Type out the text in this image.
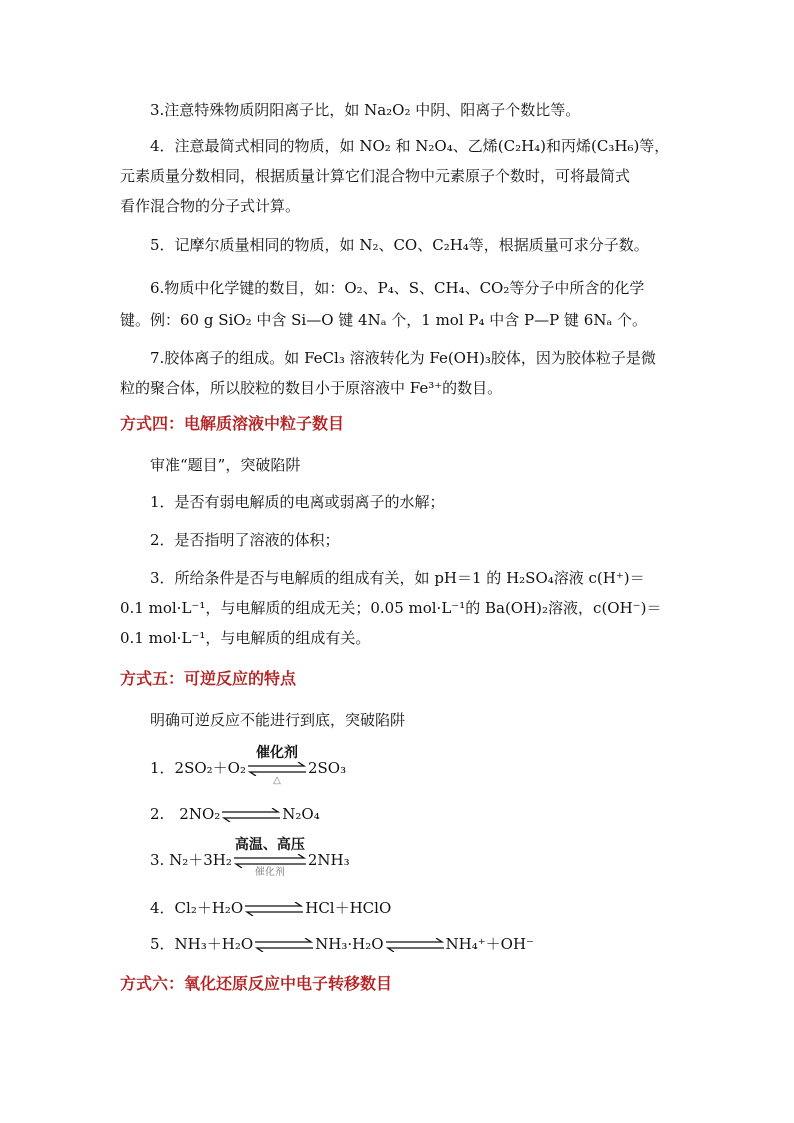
3.注意特殊物质阴阳离子比，如 Na₂O₂ 中阴、阳离子个数比等。
4．注意最简式相同的物质，如 NO₂ 和 N₂O₄、乙烯(C₂H₄)和丙烯(C₃H₆)等，
元素质量分数相同，根据质量计算它们混合物中元素原子个数时，可将最简式
看作混合物的分子式计算。
5．记摩尔质量相同的物质，如 N₂、CO、C₂H₄等，根据质量可求分子数。
6.物质中化学键的数目，如：O₂、P₄、S、CH₄、CO₂等分子中所含的化学
键。例：60 g SiO₂ 中含 Si—O 键 4Nₐ 个，1 mol P₄ 中含 P—P 键 6Nₐ 个。
7.胶体离子的组成。如 FeCl₃ 溶液转化为 Fe(OH)₃胶体，因为胶体粒子是微
粒的聚合体，所以胶粒的数目小于原溶液中 Fe³⁺的数目。
方式四：电解质溶液中粒子数目
审准“题目”，突破陷阱
1．是否有弱电解质的电离或弱离子的水解；
2．是否指明了溶液的体积；
3．所给条件是否与电解质的组成有关，如 pH＝1 的 H₂SO₄溶液 c(H⁺)＝
0.1 mol·L⁻¹，与电解质的组成无关；0.05 mol·L⁻¹的 Ba(OH)₂溶液，c(OH⁻)＝
0.1 mol·L⁻¹，与电解质的组成有关。
方式五：可逆反应的特点
明确可逆反应不能进行到底，突破陷阱
1．2SO₂＋O₂
催化剂
△
2SO₃
2.　2NO₂	N₂O₄
3. N₂＋3H₂
高温、高压
催化剂
2NH₃
4．Cl₂＋H₂O	HCl＋HClO
5．NH₃＋H₂O	NH₃·H₂O	NH₄⁺＋OH⁻
方式六：氧化还原反应中电子转移数目
